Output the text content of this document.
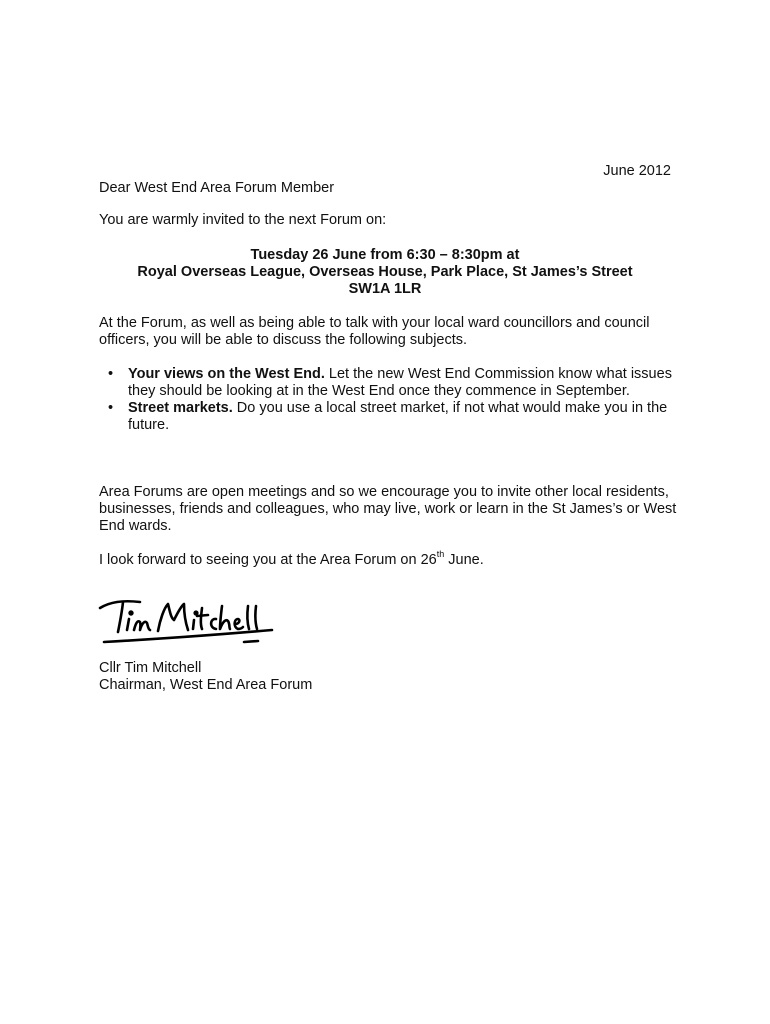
June 2012
Dear West End Area Forum Member
You are warmly invited to the next Forum on:
Tuesday 26 June from 6:30 – 8:30pm at
Royal Overseas League, Overseas House, Park Place, St James’s Street
SW1A 1LR
At the Forum, as well as being able to talk with your local ward councillors and council officers, you will be able to discuss the following subjects.
• Your views on the West End. Let the new West End Commission know what issues they should be looking at in the West End once they commence in September.
• Street markets. Do you use a local street market, if not what would make you in the future.
Area Forums are open meetings and so we encourage you to invite other local residents, businesses, friends and colleagues, who may live, work or learn in the St James’s or West End wards.
I look forward to seeing you at the Area Forum on 26th June.
Cllr Tim Mitchell
Chairman, West End Area Forum
